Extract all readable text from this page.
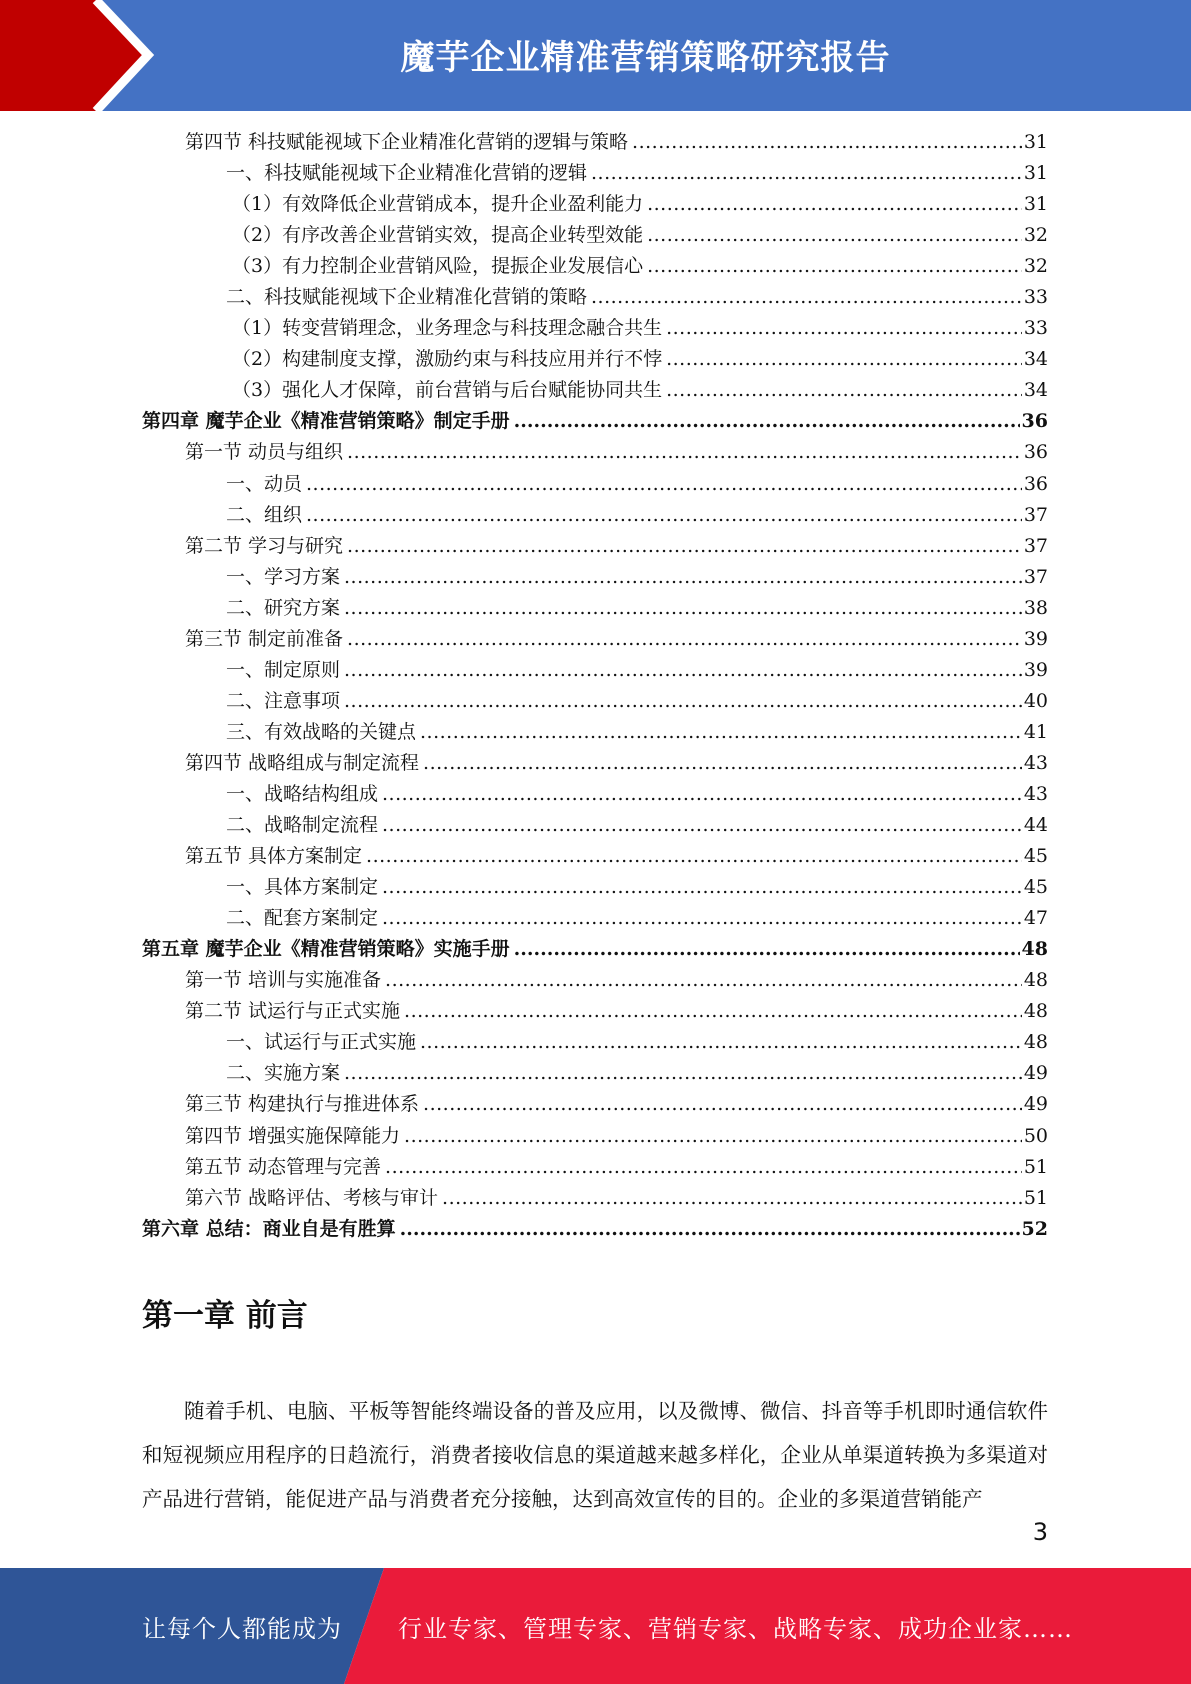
魔芋企业精准营销策略研究报告
第四节 科技赋能视域下企业精准化营销的逻辑与策略 .....	31
一、科技赋能视域下企业精准化营销的逻辑 .....	31
（1）有效降低企业营销成本，提升企业盈利能力 .....	31
（2）有序改善企业营销实效，提高企业转型效能 .....	32
（3）有力控制企业营销风险，提振企业发展信心 .....	32
二、科技赋能视域下企业精准化营销的策略 .....	33
（1）转变营销理念，业务理念与科技理念融合共生 .....	33
（2）构建制度支撑，激励约束与科技应用并行不悖 .....	34
（3）强化人才保障，前台营销与后台赋能协同共生 .....	34
第四章 魔芋企业《精准营销策略》制定手册 .....	36
第一节 动员与组织 .....	36
一、动员 .....	36
二、组织 .....	37
第二节 学习与研究 .....	37
一、学习方案 .....	37
二、研究方案 .....	38
第三节 制定前准备 .....	39
一、制定原则 .....	39
二、注意事项 .....	40
三、有效战略的关键点 .....	41
第四节 战略组成与制定流程 .....	43
一、战略结构组成 .....	43
二、战略制定流程 .....	44
第五节 具体方案制定 .....	45
一、具体方案制定 .....	45
二、配套方案制定 .....	47
第五章 魔芋企业《精准营销策略》实施手册 .....	48
第一节 培训与实施准备 .....	48
第二节 试运行与正式实施 .....	48
一、试运行与正式实施 .....	48
二、实施方案 .....	49
第三节 构建执行与推进体系 .....	49
第四节 增强实施保障能力 .....	50
第五节 动态管理与完善 .....	51
第六节 战略评估、考核与审计 .....	51
第六章 总结：商业自是有胜算 .....	52
第一章 前言

随着手机、电脑、平板等智能终端设备的普及应用，以及微博、微信、抖音等手机即时通信软件和短视频应用程序的日趋流行，消费者接收信息的渠道越来越多样化，企业从单渠道转换为多渠道对产品进行营销，能促进产品与消费者充分接触，达到高效宣传的目的。企业的多渠道营销能产

3
让每个人都能成为 行业专家、管理专家、营销专家、战略专家、成功企业家……
